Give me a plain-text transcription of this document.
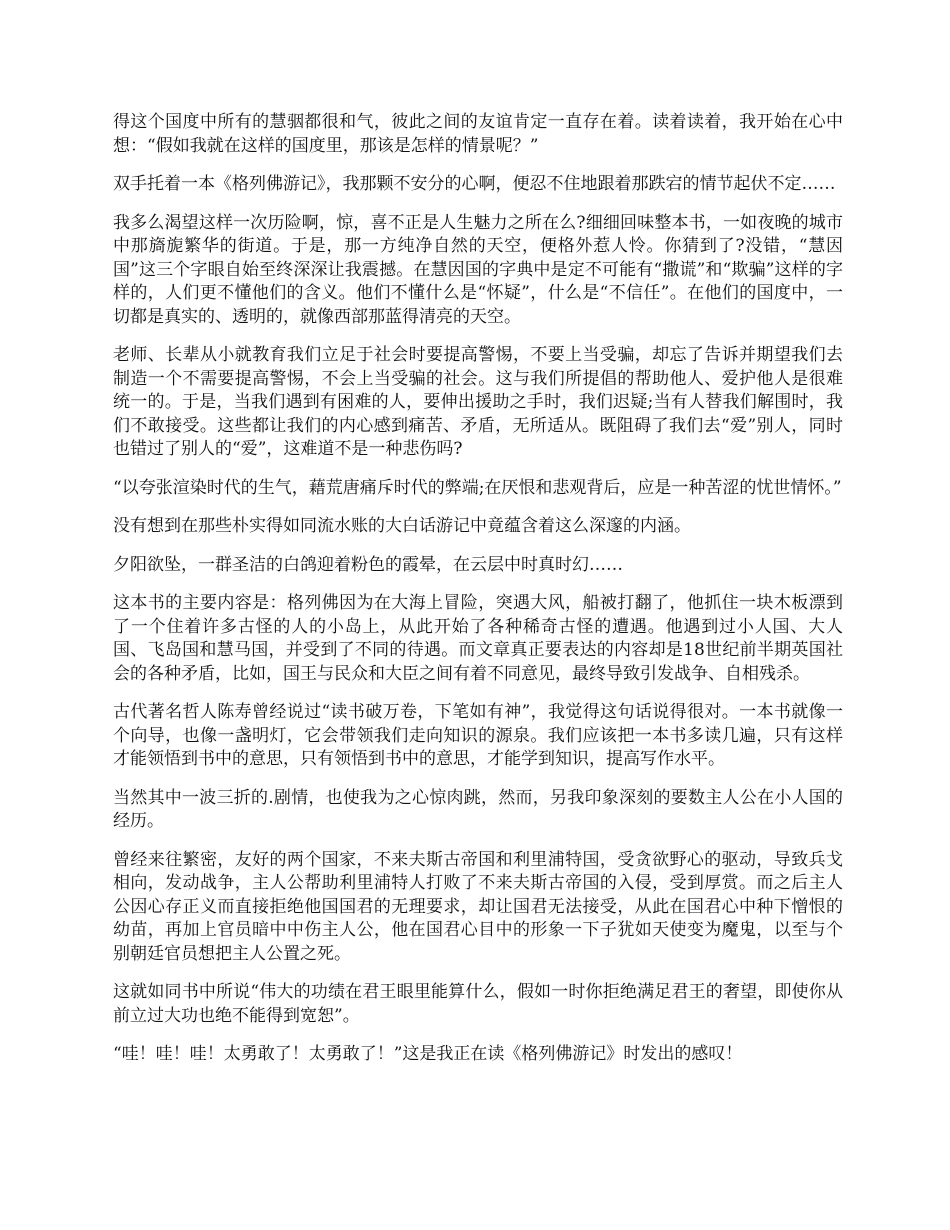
得这个国度中所有的慧骃都很和气，彼此之间的友谊肯定一直存在着。读着读着，我开始在心中想：“假如我就在这样的国度里，那该是怎样的情景呢？”

双手托着一本《格列佛游记》，我那颗不安分的心啊，便忍不住地跟着那跌宕的情节起伏不定……

我多么渴望这样一次历险啊，惊，喜不正是人生魅力之所在么?细细回味整本书，一如夜晚的城市中那旖旎繁华的街道。于是，那一方纯净自然的天空，便格外惹人怜。你猜到了?没错，“慧因国”这三个字眼自始至终深深让我震撼。在慧因国的字典中是定不可能有“撒谎”和“欺骗”这样的字样的，人们更不懂他们的含义。他们不懂什么是“怀疑”，什么是“不信任”。在他们的国度中，一切都是真实的、透明的，就像西部那蓝得清亮的天空。

老师、长辈从小就教育我们立足于社会时要提高警惕，不要上当受骗，却忘了告诉并期望我们去制造一个不需要提高警惕，不会上当受骗的社会。这与我们所提倡的帮助他人、爱护他人是很难统一的。于是，当我们遇到有困难的人，要伸出援助之手时，我们迟疑;当有人替我们解围时，我们不敢接受。这些都让我们的内心感到痛苦、矛盾，无所适从。既阻碍了我们去“爱”别人，同时也错过了别人的“爱”，这难道不是一种悲伤吗?

“以夸张渲染时代的生气，藉荒唐痛斥时代的弊端;在厌恨和悲观背后，应是一种苦涩的忧世情怀。”

没有想到在那些朴实得如同流水账的大白话游记中竟蕴含着这么深邃的内涵。

夕阳欲坠，一群圣洁的白鸽迎着粉色的霞晕，在云层中时真时幻……

这本书的主要内容是：格列佛因为在大海上冒险，突遇大风，船被打翻了，他抓住一块木板漂到了一个住着许多古怪的人的小岛上，从此开始了各种稀奇古怪的遭遇。他遇到过小人国、大人国、飞岛国和慧马国，并受到了不同的待遇。而文章真正要表达的内容却是18世纪前半期英国社会的各种矛盾，比如，国王与民众和大臣之间有着不同意见，最终导致引发战争、自相残杀。

古代著名哲人陈寿曾经说过“读书破万卷，下笔如有神”，我觉得这句话说得很对。一本书就像一个向导，也像一盏明灯，它会带领我们走向知识的源泉。我们应该把一本书多读几遍，只有这样才能领悟到书中的意思，只有领悟到书中的意思，才能学到知识，提高写作水平。

当然其中一波三折的.剧情，也使我为之心惊肉跳，然而，另我印象深刻的要数主人公在小人国的经历。

曾经来往繁密，友好的两个国家，不来夫斯古帝国和利里浦特国，受贪欲野心的驱动，导致兵戈相向，发动战争，主人公帮助利里浦特人打败了不来夫斯古帝国的入侵，受到厚赏。而之后主人公因心存正义而直接拒绝他国国君的无理要求，却让国君无法接受，从此在国君心中种下憎恨的幼苗，再加上官员暗中中伤主人公，他在国君心目中的形象一下子犹如天使变为魔鬼，以至与个别朝廷官员想把主人公置之死。

这就如同书中所说“伟大的功绩在君王眼里能算什么，假如一时你拒绝满足君王的奢望，即使你从前立过大功也绝不能得到宽恕”。

“哇！哇！哇！太勇敢了！太勇敢了！”这是我正在读《格列佛游记》时发出的感叹！
